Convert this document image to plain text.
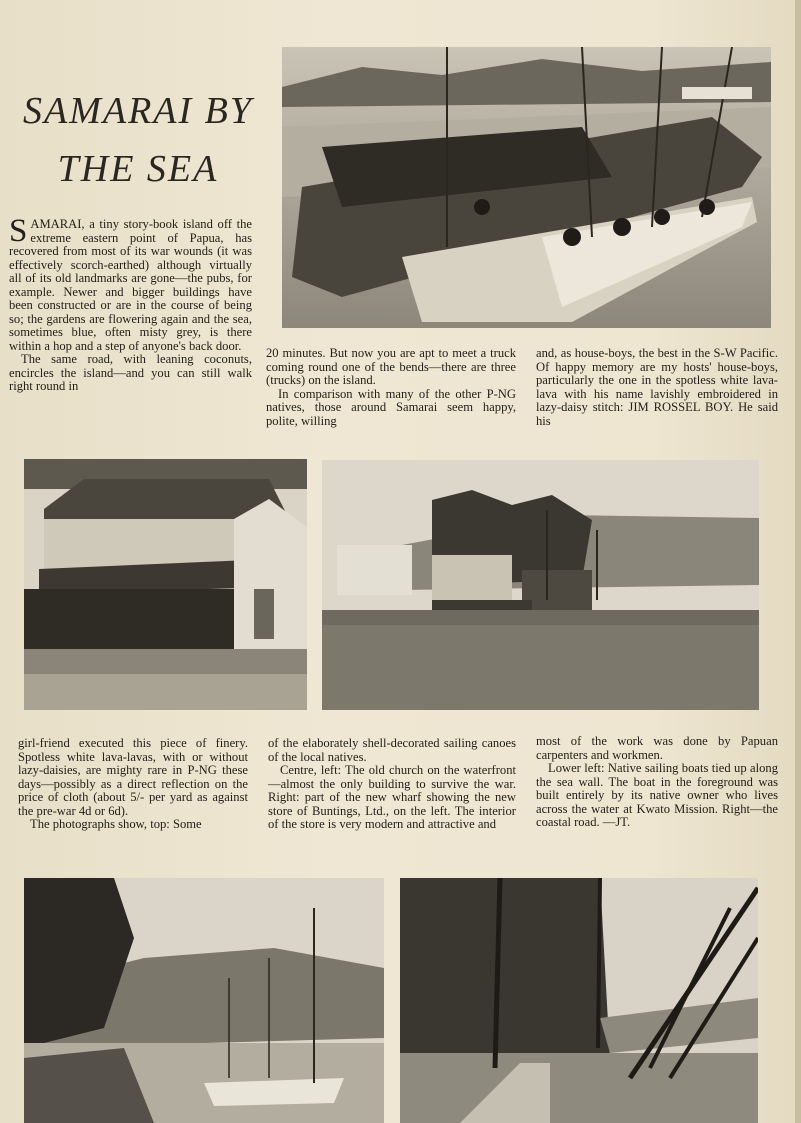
SAMARAI BY
THE SEA

SAMARAI, a tiny story-book island off the extreme eastern point of Papua, has recovered from most of its war wounds (it was effectively scorch-earthed) although virtually all of its old landmarks are gone—the pubs, for example. Newer and bigger buildings have been constructed or are in the course of being so; the gardens are flowering again and the sea, sometimes blue, often misty grey, is there within a hop and a step of anyone's back door.

The same road, with leaning coconuts, encircles the island—and you can still walk right round in

20 minutes. But now you are apt to meet a truck coming round one of the bends—there are three (trucks) on the island.

In comparison with many of the other P-NG natives, those around Samarai seem happy, polite, willing

and, as house-boys, the best in the S-W Pacific. Of happy memory are my hosts' house-boys, particularly the one in the spotless white lava-lava with his name lavishly embroidered in lazy-daisy stitch: JIM ROSSEL BOY. He said his

girl-friend executed this piece of finery. Spotless white lava-lavas, with or without lazy-daisies, are mighty rare in P-NG these days—possibly as a direct reflection on the price of cloth (about 5/- per yard as against the pre-war 4d or 6d).

The photographs show, top: Some

of the elaborately shell-decorated sailing canoes of the local natives.

Centre, left: The old church on the waterfront—almost the only building to survive the war. Right: part of the new wharf showing the new store of Buntings, Ltd., on the left. The interior of the store is very modern and attractive and

most of the work was done by Papuan carpenters and workmen.

Lower left: Native sailing boats tied up along the sea wall. The boat in the foreground was built entirely by its native owner who lives across the water at Kwato Mission. Right—the coastal road. —JT.
